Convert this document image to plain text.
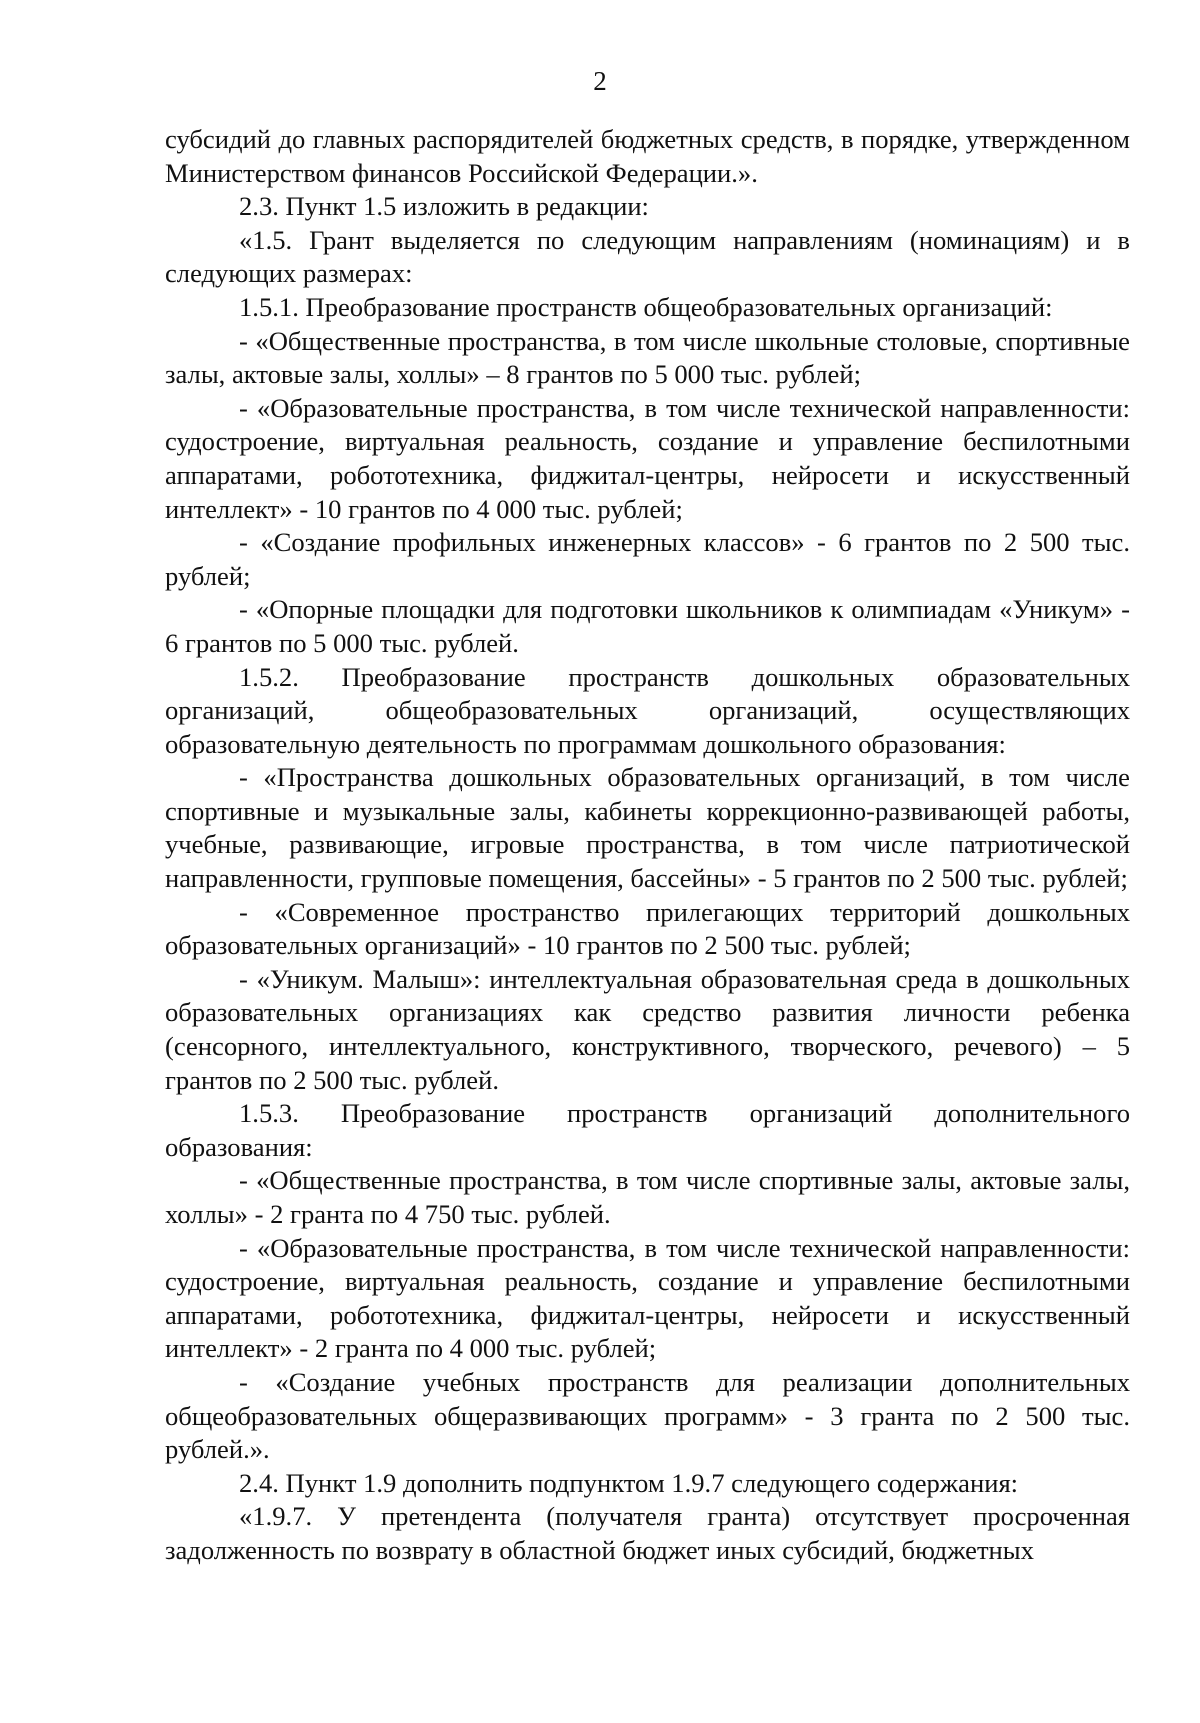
2

субсидий до главных распорядителей бюджетных средств, в порядке, утвержденном Министерством финансов Российской Федерации.».

2.3. Пункт 1.5 изложить в редакции:

«1.5. Грант выделяется по следующим направлениям (номинациям) и в следующих размерах:

1.5.1. Преобразование пространств общеобразовательных организаций:

- «Общественные пространства, в том числе школьные столовые, спортивные залы, актовые залы, холлы» – 8 грантов по 5 000 тыс. рублей;

- «Образовательные пространства, в том числе технической направленности: судостроение, виртуальная реальность, создание и управление беспилотными аппаратами, робототехника, фиджитал-центры, нейросети и искусственный интеллект» - 10 грантов по 4 000 тыс. рублей;

- «Создание профильных инженерных классов» - 6 грантов по 2 500 тыс. рублей;

- «Опорные площадки для подготовки школьников к олимпиадам «Уникум» - 6 грантов по 5 000 тыс. рублей.

1.5.2. Преобразование пространств дошкольных образовательных организаций, общеобразовательных организаций, осуществляющих образовательную деятельность по программам дошкольного образования:

- «Пространства дошкольных образовательных организаций, в том числе спортивные и музыкальные залы, кабинеты коррекционно-развивающей работы, учебные, развивающие, игровые пространства, в том числе патриотической направленности, групповые помещения, бассейны» - 5 грантов по 2 500 тыс. рублей;

- «Современное пространство прилегающих территорий дошкольных образовательных организаций» - 10 грантов по 2 500 тыс. рублей;

- «Уникум. Малыш»: интеллектуальная образовательная среда в дошкольных образовательных организациях как средство развития личности ребенка (сенсорного, интеллектуального, конструктивного, творческого, речевого) – 5 грантов по 2 500 тыс. рублей.

1.5.3. Преобразование пространств организаций дополнительного образования:

- «Общественные пространства, в том числе спортивные залы, актовые залы, холлы» - 2 гранта по 4 750 тыс. рублей.

- «Образовательные пространства, в том числе технической направленности: судостроение, виртуальная реальность, создание и управление беспилотными аппаратами, робототехника, фиджитал-центры, нейросети и искусственный интеллект» - 2 гранта по 4 000 тыс. рублей;

- «Создание учебных пространств для реализации дополнительных общеобразовательных общеразвивающих программ» - 3 гранта по 2 500 тыс. рублей.».

2.4. Пункт 1.9 дополнить подпунктом 1.9.7 следующего содержания:

«1.9.7. У претендента (получателя гранта) отсутствует просроченная задолженность по возврату в областной бюджет иных субсидий, бюджетных
